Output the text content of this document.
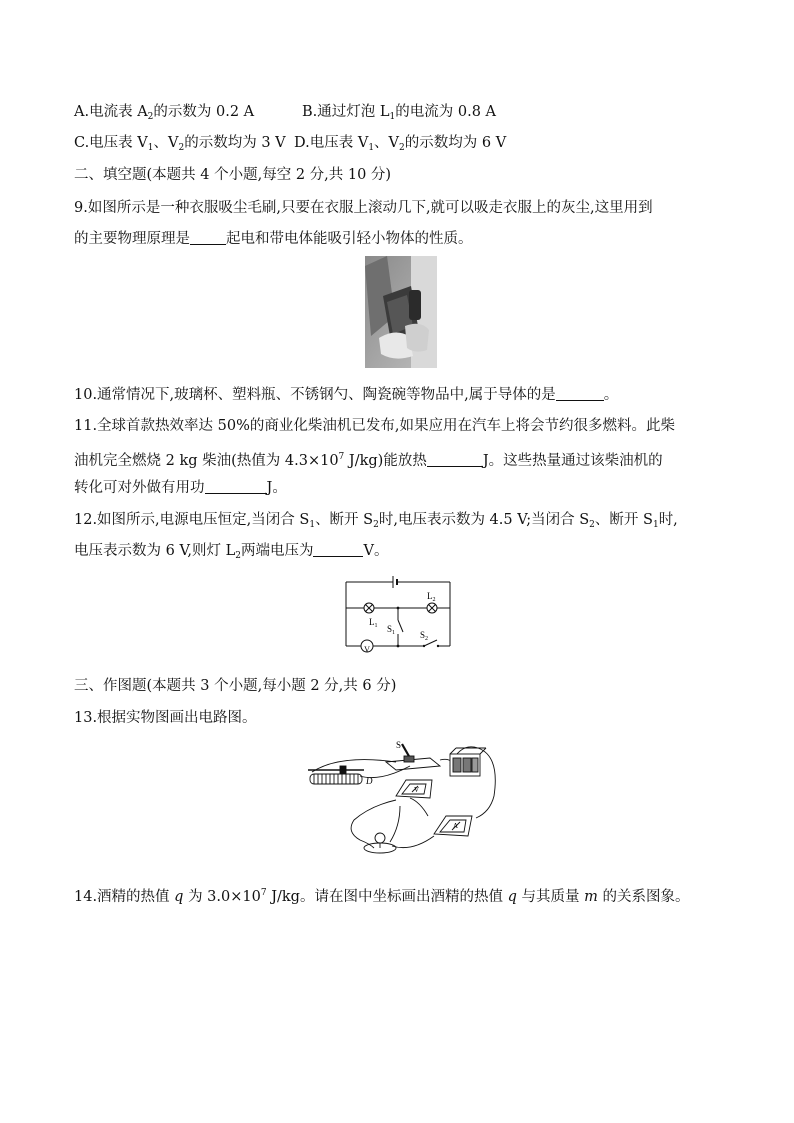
A.电流表 $A_2$的示数为 0.2 A	B.通过灯泡 $L_1$的电流为 0.8 A
C.电压表 $V_1$、$V_2$的示数均为 3 V D.电压表 $V_1$、$V_2$的示数均为 6 V
二、填空题(本题共 4 个小题,每空 2 分,共 10 分)
9.如图所示是一种衣服吸尘毛刷,只要在衣服上滚动几下,就可以吸走衣服上的灰尘,这里用到
的主要物理原理是 起电和带电体能吸引轻小物体的性质。
10.通常情况下,玻璃杯、塑料瓶、不锈钢勺、陶瓷碗等物品中,属于导体的是	。
11.全球首款热效率达 50%的商业化柴油机已发布,如果应用在汽车上将会节约很多燃料。此柴
油机完全燃烧 2 kg 柴油(热值为 $4.3\times 10^7$ J/kg)能放热	J。这些热量通过该柴油机的
转化可对外做有用功	J。
12.如图所示,电源电压恒定,当闭合 $S_1$、断开 $S_2$时,电压表示数为 4.5 V;当闭合 $S_2$、断开 $S_1$时,
电压表示数为 6 V,则灯 $L_2$两端电压为	V。
V
$L_1$
$L_2$
$S_1$	$S_2$
三、作图题(本题共 3 个小题,每小题 2 分,共 6 分)
13.根据实物图画出电路图。
S
D
V
A
14.酒精的热值 q 为 $3.0\times 10^7$ J/kg。请在图中坐标画出酒精的热值 q 与其质量 m 的关系图象。
